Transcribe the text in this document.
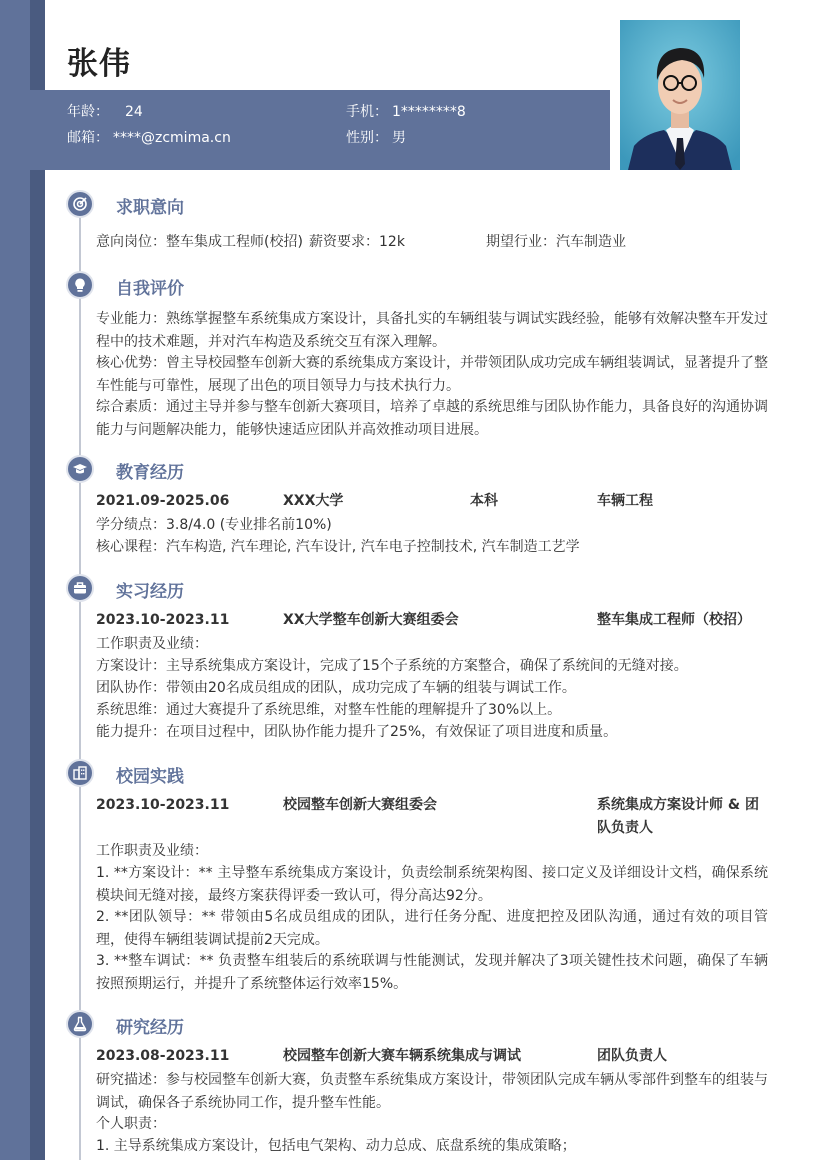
张伟
年龄： 24	手机： 1********8
邮箱： ****@zcmima.cn	性别： 男
求职意向
意向岗位：整车集成工程师(校招) 薪资要求：12k	期望行业：汽车制造业
自我评价
专业能力：熟练掌握整车系统集成方案设计，具备扎实的车辆组装与调试实践经验，能够有效解决整车开发过程中的技术难题，并对汽车构造及系统交互有深入理解。
核心优势：曾主导校园整车创新大赛的系统集成方案设计，并带领团队成功完成车辆组装调试，显著提升了整车性能与可靠性，展现了出色的项目领导力与技术执行力。
综合素质：通过主导并参与整车创新大赛项目，培养了卓越的系统思维与团队协作能力，具备良好的沟通协调能力与问题解决能力，能够快速适应团队并高效推动项目进展。
教育经历
2021.09-2025.06	XXX大学	本科	车辆工程
学分绩点：3.8/4.0 (专业排名前10%)
核心课程：汽车构造, 汽车理论, 汽车设计, 汽车电子控制技术, 汽车制造工艺学
实习经历
2023.10-2023.11	XX大学整车创新大赛组委会	整车集成工程师（校招）
工作职责及业绩：
方案设计：主导系统集成方案设计，完成了15个子系统的方案整合，确保了系统间的无缝对接。
团队协作：带领由20名成员组成的团队，成功完成了车辆的组装与调试工作。
系统思维：通过大赛提升了系统思维，对整车性能的理解提升了30%以上。
能力提升：在项目过程中，团队协作能力提升了25%，有效保证了项目进度和质量。
校园实践
2023.10-2023.11	校园整车创新大赛组委会	系统集成方案设计师 & 团队负责人
工作职责及业绩：
1. **方案设计：** 主导整车系统集成方案设计，负责绘制系统架构图、接口定义及详细设计文档，确保系统模块间无缝对接，最终方案获得评委一致认可，得分高达92分。
2. **团队领导：** 带领由5名成员组成的团队，进行任务分配、进度把控及团队沟通，通过有效的项目管理，使得车辆组装调试提前2天完成。
3. **整车调试：** 负责整车组装后的系统联调与性能测试，发现并解决了3项关键性技术问题，确保了车辆按照预期运行，并提升了系统整体运行效率15%。
研究经历
2023.08-2023.11	校园整车创新大赛车辆系统集成与调试	团队负责人
研究描述：参与校园整车创新大赛，负责整车系统集成方案设计，带领团队完成车辆从零部件到整车的组装与调试，确保各子系统协同工作，提升整车性能。
个人职责：
1. 主导系统集成方案设计，包括电气架构、动力总成、底盘系统的集成策略；
